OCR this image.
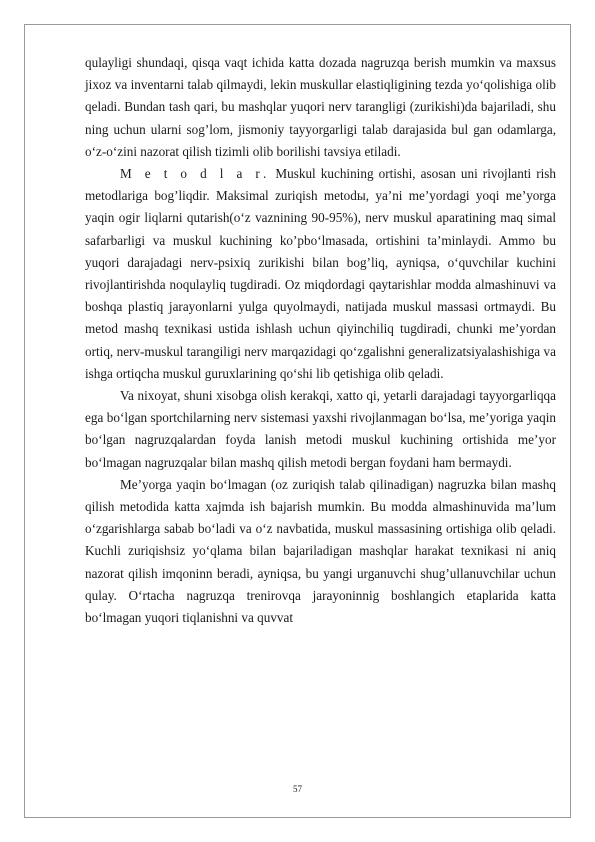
qulayligi shundaqi, qisqa vaqt ichida katta dozada nagruzqa berish mumkin va maxsus jixoz va inventarni talab qilmaydi, lekin muskullar elastiqligining tezda yo‘qolishiga olib qeladi. Bundan tash qari, bu mashqlar yuqori nerv tarangligi (zurikishi)da bajariladi, shu ning uchun ularni sog’lom, jismoniy tayyorgarligi talab darajasida bul gan odamlarga, o‘z-o‘zini nazorat qilish tizimli olib borilishi tavsiya etiladi.

M e t o d l a r. Muskul kuchining ortishi, asosan uni rivojlanti rish metodlariga bog’liqdir. Maksimal zuriqish metodы, ya’ni me’yordagi yoqi me’yorga yaqin ogir liqlarni qutarish(o‘z vaznining 90-95%), nerv muskul aparatining maq simal safarbarligi va muskul kuchining ko’pbo‘lmasada, ortishini ta’minlaydi. Ammo bu yuqori darajadagi nerv-psixiq zurikishi bilan bog’liq, ayniqsa, o‘quvchilar kuchini rivojlantirishda noqulayliq tugdiradi. Oz miqdordagi qaytarishlar modda almashinuvi va boshqa plastiq jarayonlarni yulga quyolmaydi, natijada muskul massasi ortmaydi. Bu metod mashq texnikasi ustida ishlash uchun qiyinchiliq tugdiradi, chunki me’yordan ortiq, nerv-muskul tarangiligi nerv marqazidagi qo‘zgalishni generalizatsiyalashishiga va ishga ortiqcha muskul guruxlarining qo‘shi lib qetishiga olib qeladi.

Va nixoyat, shuni xisobga olish kerakqi, xatto qi, yetarli darajadagi tayyorgarliqqa ega bo‘lgan sportchilarning nerv sistemasi yaxshi rivojlanmagan bo‘lsa, me’yoriga yaqin bo‘lgan nagruzqalardan foyda lanish metodi muskul kuchining ortishida me’yor bo‘lmagan nagruzqalar bilan mashq qilish metodi bergan foydani ham bermaydi.

Me’yorga yaqin bo‘lmagan (oz zuriqish talab qilinadigan) nagruzka bilan mashq qilish metodida katta xajmda ish bajarish mumkin. Bu modda almashinuvida ma’lum o‘zgarishlarga sabab bo‘ladi va o‘z navbatida, muskul massasining ortishiga olib qeladi. Kuchli zuriqishsiz yo‘qlama bilan bajariladigan mashqlar harakat texnikasi ni aniq nazorat qilish imqoninn beradi, ayniqsa, bu yangi urganuvchi shug’ullanuvchilar uchun qulay. O‘rtacha nagruzqa trenirovqa jarayoninnig boshlangich etaplarida katta bo‘lmagan yuqori tiqlanishni va quvvat

57
